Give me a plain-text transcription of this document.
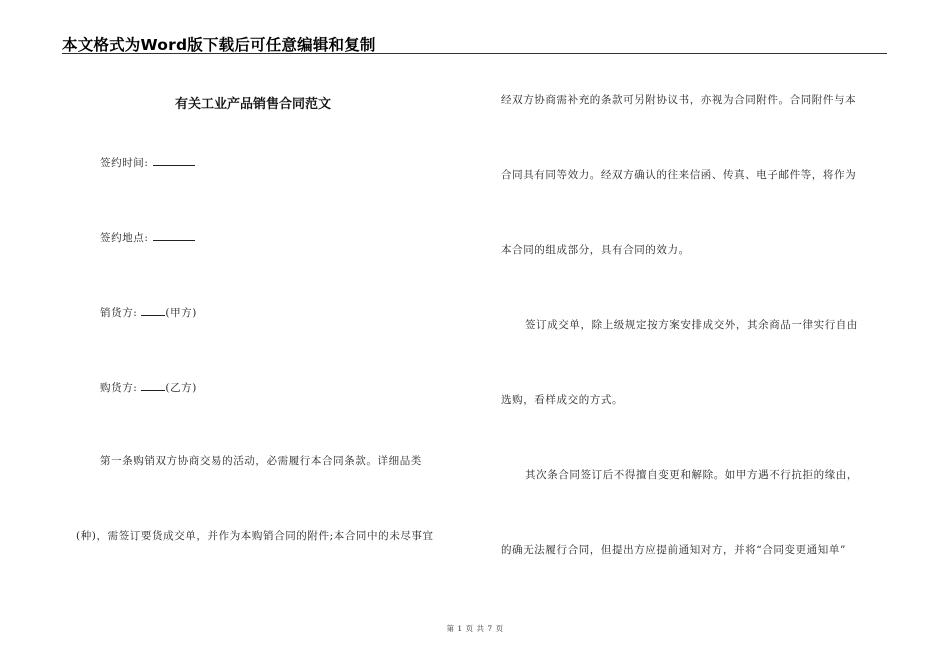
本文格式为Word版下载后可任意编辑和复制
有关工业产品销售合同范文
签约时间:
签约地点:
销货方:	(甲方)
购货方:	(乙方)
第一条购销双方协商交易的活动，必需履行本合同条款。详细品类
(种)，需签订要货成交单，并作为本购销合同的附件;本合同中的未尽事宜
经双方协商需补充的条款可另附协议书，亦视为合同附件。合同附件与本
合同具有同等效力。经双方确认的往来信函、传真、电子邮件等，将作为
本合同的组成部分，具有合同的效力。
签订成交单，除上级规定按方案安排成交外，其余商品一律实行自由
选购，看样成交的方式。
其次条合同签订后不得擅自变更和解除。如甲方遇不行抗拒的缘由，
的确无法履行合同，但提出方应提前通知对方，并将“合同变更通知单”
第 1 页 共 7 页
